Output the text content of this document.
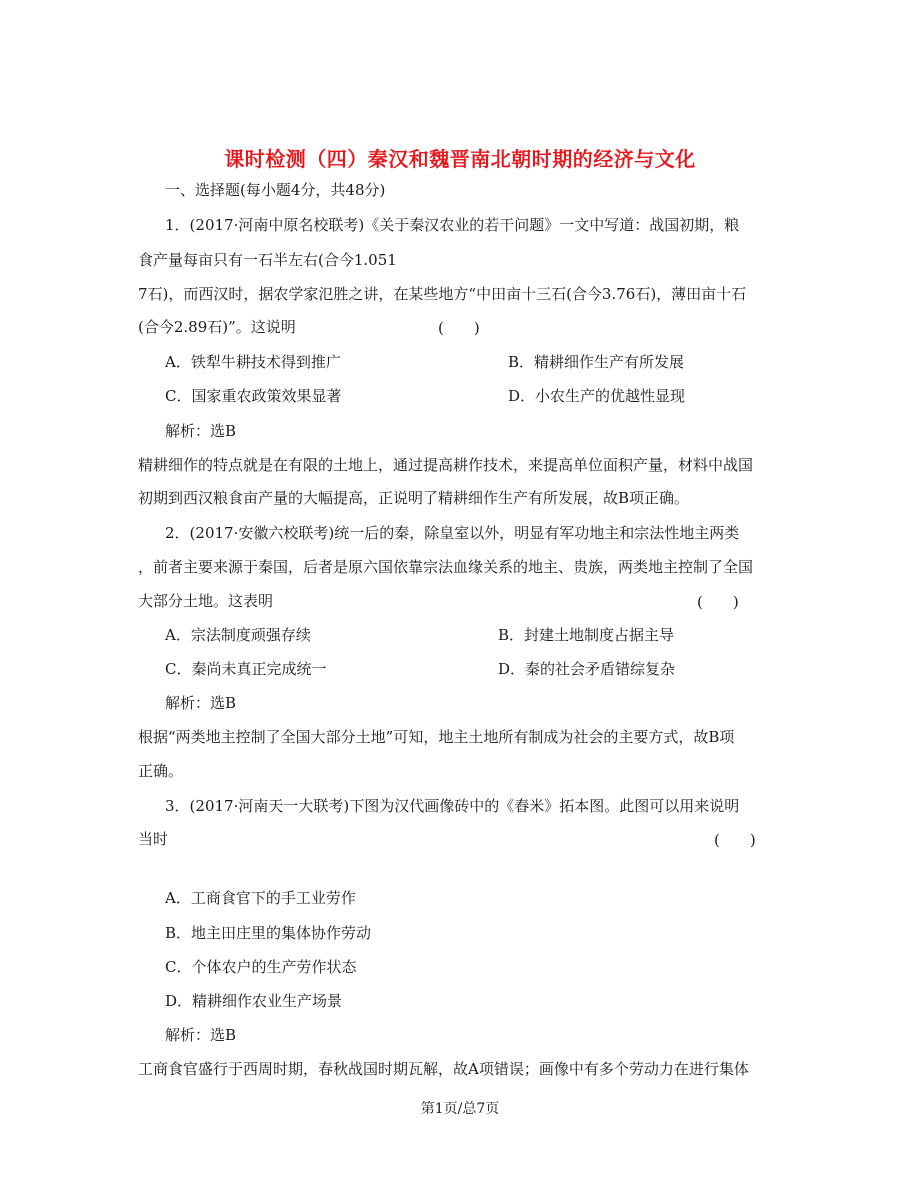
课时检测（四）秦汉和魏晋南北朝时期的经济与文化
一、选择题(每小题4分，共48分)
1．(2017·河南中原名校联考)《关于秦汉农业的若干问题》一文中写道：战国初期，粮
食产量每亩只有一石半左右(合今1.051
7石)，而西汉时，据农学家氾胜之讲，在某些地方“中田亩十三石(合今3.76石)，薄田亩十石
(合今2.89石)”。这说明	(　　)
A．铁犁牛耕技术得到推广	B．精耕细作生产有所发展
C．国家重农政策效果显著	D．小农生产的优越性显现
解析：选B
精耕细作的特点就是在有限的土地上，通过提高耕作技术，来提高单位面积产量，材料中战国
初期到西汉粮食亩产量的大幅提高，正说明了精耕细作生产有所发展，故B项正确。
2．(2017·安徽六校联考)统一后的秦，除皇室以外，明显有军功地主和宗法性地主两类
，前者主要来源于秦国，后者是原六国依靠宗法血缘关系的地主、贵族，两类地主控制了全国
大部分土地。这表明	(　　)
A．宗法制度顽强存续	B．封建土地制度占据主导
C．秦尚未真正完成统一	D．秦的社会矛盾错综复杂
解析：选B
根据“两类地主控制了全国大部分土地”可知，地主土地所有制成为社会的主要方式，故B项
正确。
3．(2017·河南天一大联考)下图为汉代画像砖中的《舂米》拓本图。此图可以用来说明
当时	(　　)
A．工商食官下的手工业劳作
B．地主田庄里的集体协作劳动
C．个体农户的生产劳作状态
D．精耕细作农业生产场景
解析：选B
工商食官盛行于西周时期，春秋战国时期瓦解，故A项错误；画像中有多个劳动力在进行集体
第1页/总7页
